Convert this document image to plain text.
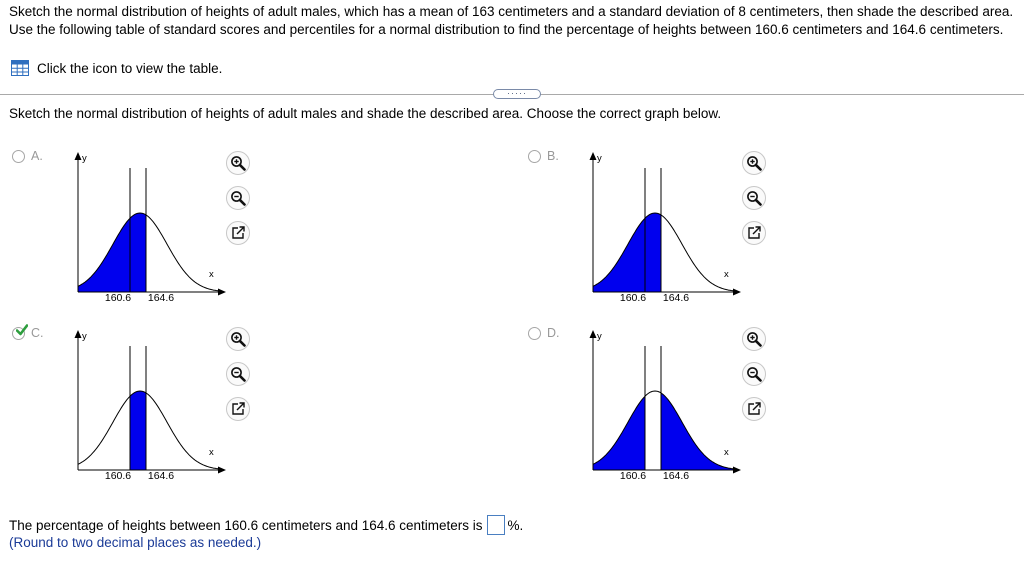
Sketch the normal distribution of heights of adult males, which has a mean of 163 centimeters and a standard deviation of 8 centimeters, then shade the described area. Use the following table of standard scores and percentiles for a normal distribution to find the percentage of heights between 160.6 centimeters and 164.6 centimeters.
Click the icon to view the table.
·····
Sketch the normal distribution of heights of adult males and shade the described area. Choose the correct graph below.
A.	y
x
160.6 164.6
B.	y
x
160.6 164.6
C.	y
x
160.6 164.6
D.	y
x
160.6 164.6
The percentage of heights between 160.6 centimeters and 164.6 centimeters is %.
(Round to two decimal places as needed.)
